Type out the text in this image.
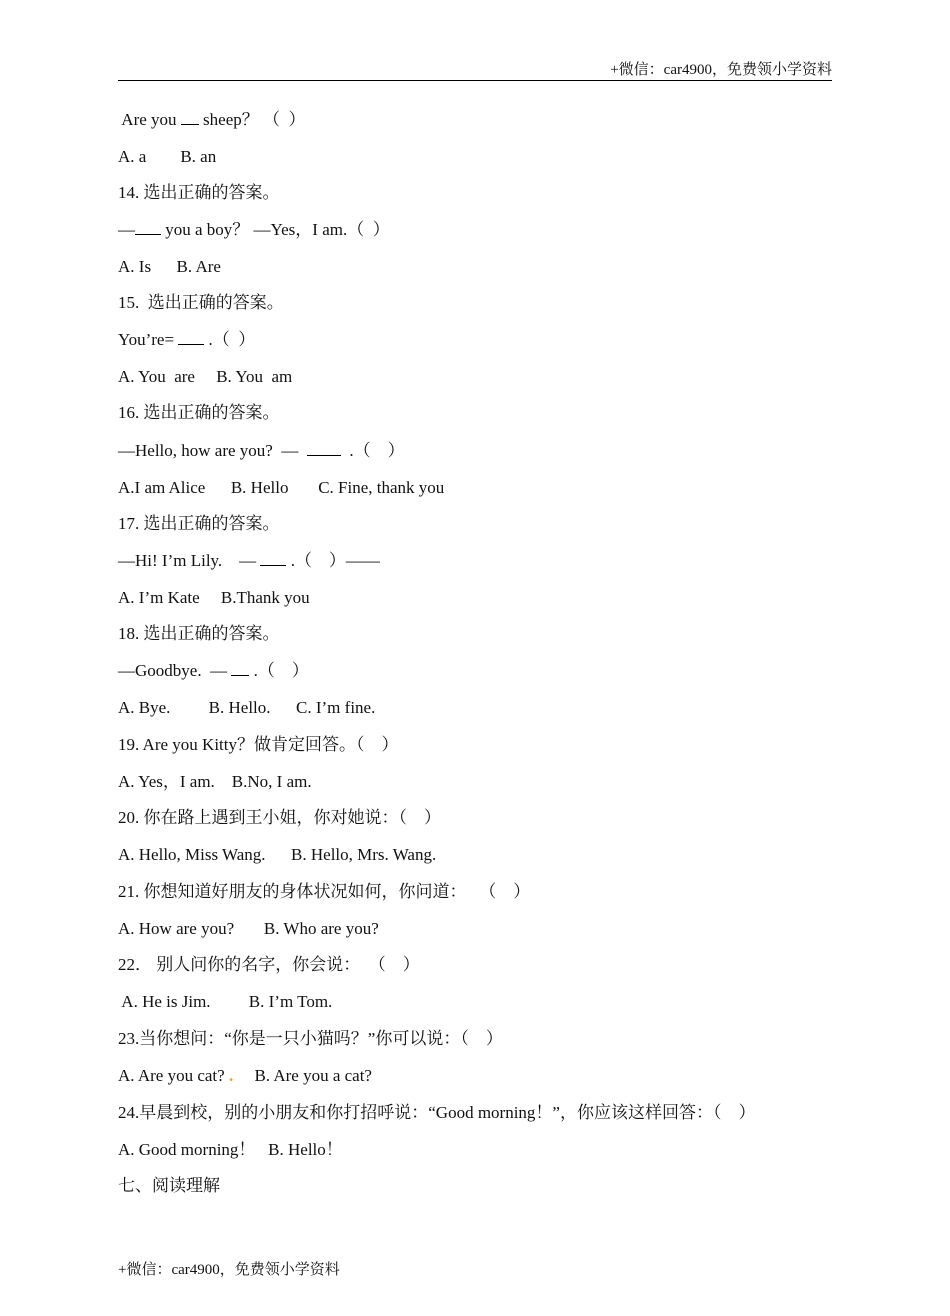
+微信：car4900，免费领小学资料
Are you  sheep？ （  ）
A. a        B. an
14. 选出正确的答案。
— you a boy？ —Yes，I am.（  ）
A. Is      B. Are
15.  选出正确的答案。
You’re=  .（  ）
A. You  are     B. You  am
16. 选出正确的答案。
—Hello, how are you?  —    .（    ）
A.I am Alice      B. Hello       C. Fine, thank you
17. 选出正确的答案。
—Hi! I’m Lily.    —  .（    ）——
A. I’m Kate     B.Thank you
18. 选出正确的答案。
—Goodbye.  —  .（    ）
A. Bye.         B. Hello.      C. I’m fine.
19. Are you Kitty？做肯定回答。（    ）
A. Yes，I am.    B.No, I am.
20. 你在路上遇到王小姐，你对她说：（    ）
A. Hello, Miss Wang.      B. Hello, Mrs. Wang.
21. 你想知道好朋友的身体状况如何，你问道：   （    ）
A. How are you?       B. Who are you?
22． 别人问你的名字，你会说：  （    ）
A. He is Jim.         B. I’m Tom.
23.当你想问：“你是一只小猫吗？”你可以说：（    ）
A. Are you cat? .     B. Are you a cat?
24.早晨到校，别的小朋友和你打招呼说：“Good morning！”，你应该这样回答：（    ）
A. Good morning！   B. Hello！
七、阅读理解
+微信：car4900，免费领小学资料
